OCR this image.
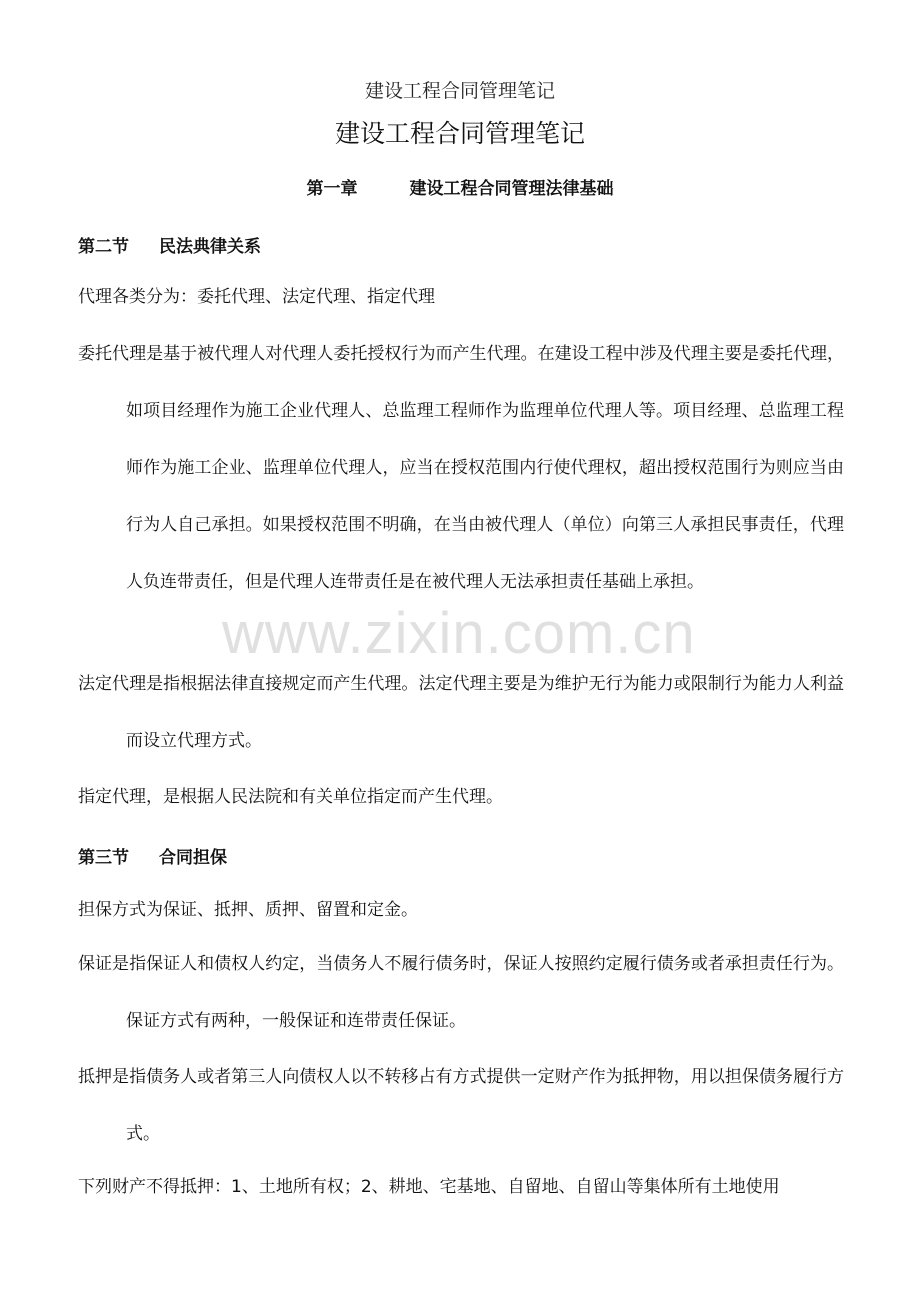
建设工程合同管理笔记
建设工程合同管理笔记
第一章	建设工程合同管理法律基础
第二节 民法典律关系
代理各类分为：委托代理、法定代理、指定代理
委托代理是基于被代理人对代理人委托授权行为而产生代理。在建设工程中涉及代理主要是委托代理，如项目经理作为施工企业代理人、总监理工程师作为监理单位代理人等。项目经理、总监理工程师作为施工企业、监理单位代理人，应当在授权范围内行使代理权，超出授权范围行为则应当由行为人自己承担。如果授权范围不明确，在当由被代理人（单位）向第三人承担民事责任，代理人负连带责任，但是代理人连带责任是在被代理人无法承担责任基础上承担。
法定代理是指根据法律直接规定而产生代理。法定代理主要是为维护无行为能力或限制行为能力人利益而设立代理方式。
指定代理，是根据人民法院和有关单位指定而产生代理。
第三节 合同担保
担保方式为保证、抵押、质押、留置和定金。
保证是指保证人和债权人约定，当债务人不履行债务时，保证人按照约定履行债务或者承担责任行为。保证方式有两种，一般保证和连带责任保证。
抵押是指债务人或者第三人向债权人以不转移占有方式提供一定财产作为抵押物，用以担保债务履行方式。
下列财产不得抵押：1、土地所有权；2、耕地、宅基地、自留地、自留山等集体所有土地使用
www.zixin.com.cn
